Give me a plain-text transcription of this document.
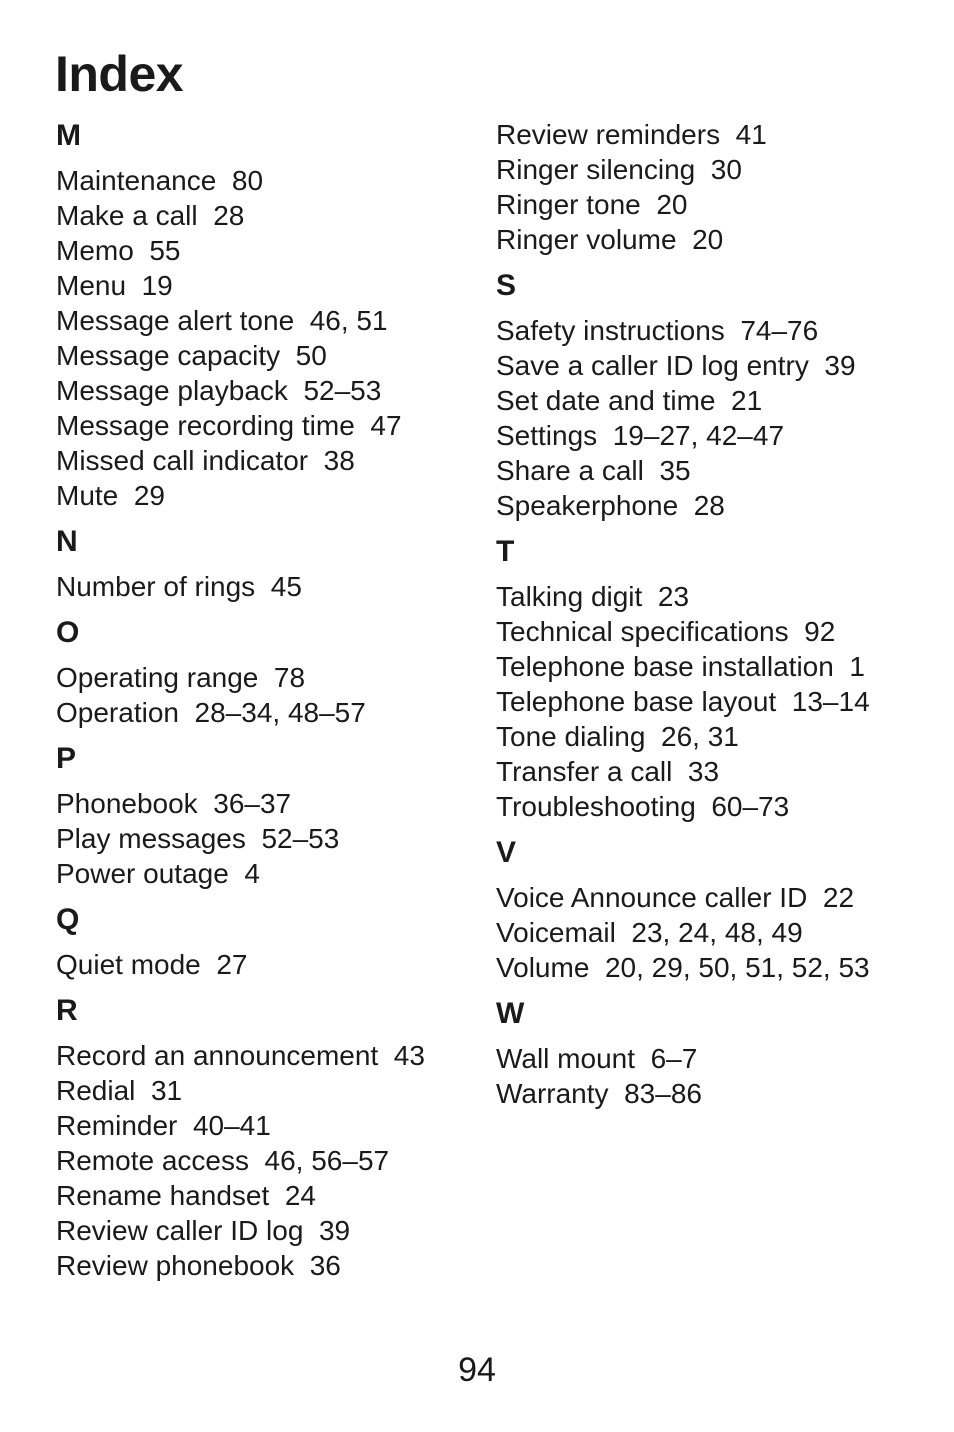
Index
M
Maintenance 80
Make a call 28
Memo 55
Menu 19
Message alert tone 46, 51
Message capacity 50
Message playback 52–53
Message recording time 47
Missed call indicator 38
Mute 29
N
Number of rings 45
O
Operating range 78
Operation 28–34, 48–57
P
Phonebook 36–37
Play messages 52–53
Power outage 4
Q
Quiet mode 27
R
Record an announcement 43
Redial 31
Reminder 40–41
Remote access 46, 56–57
Rename handset 24
Review caller ID log 39
Review phonebook 36
Review reminders 41
Ringer silencing 30
Ringer tone 20
Ringer volume 20
S
Safety instructions 74–76
Save a caller ID log entry 39
Set date and time 21
Settings 19–27, 42–47
Share a call 35
Speakerphone 28
T
Talking digit 23
Technical specifications 92
Telephone base installation 1
Telephone base layout 13–14
Tone dialing 26, 31
Transfer a call 33
Troubleshooting 60–73
V
Voice Announce caller ID 22
Voicemail 23, 24, 48, 49
Volume 20, 29, 50, 51, 52, 53
W
Wall mount 6–7
Warranty 83–86
94
